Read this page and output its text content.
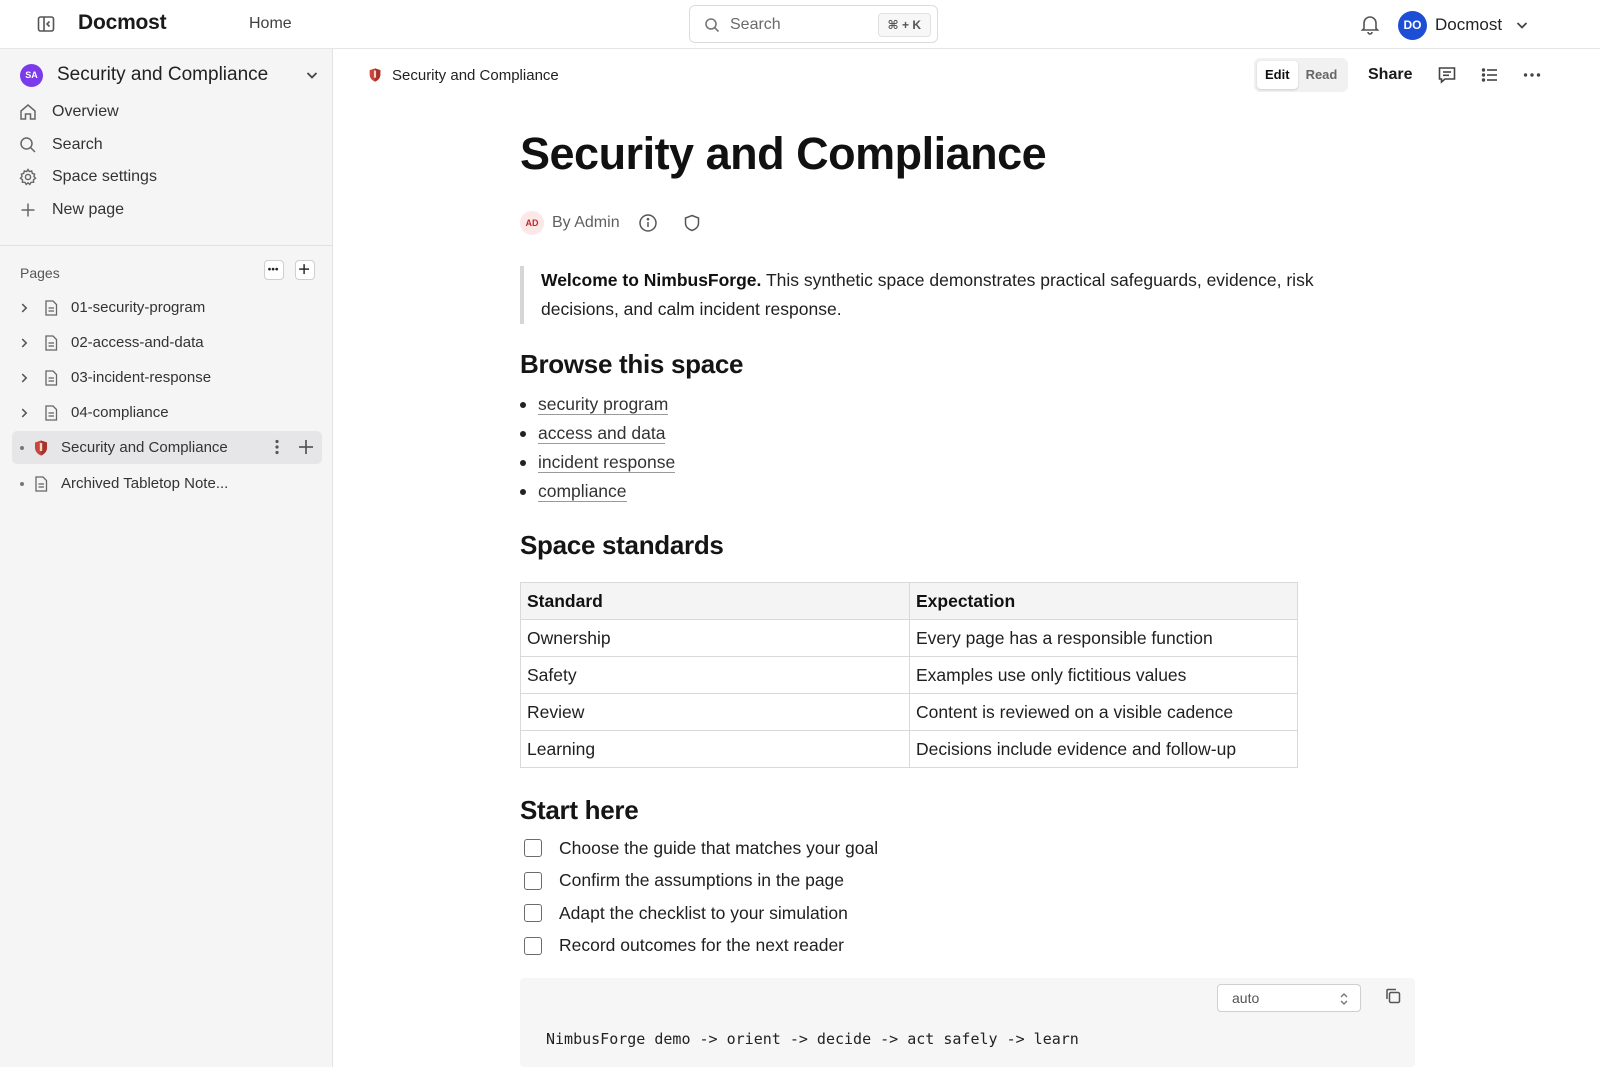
Docmost	Home	Search	⌘ + K	DO Docmost
SA Security and Compliance
Overview
Search
Space settings
New page
Pages
01-security-program
02-access-and-data
03-incident-response
04-compliance
Security and Compliance
Archived Tabletop Note...
Security and Compliance	Edit	Read	Share
Security and Compliance
AD By Admin
Welcome to NimbusForge. This synthetic space demonstrates practical safeguards, evidence, risk decisions, and calm incident response.
Browse this space
security program
access and data
incident response
compliance
Space standards
Standard	Expectation
Ownership	Every page has a responsible function
Safety	Examples use only fictitious values
Review	Content is reviewed on a visible cadence
Learning	Decisions include evidence and follow-up
Start here
Choose the guide that matches your goal
Confirm the assumptions in the page
Adapt the checklist to your simulation
Record outcomes for the next reader
auto
NimbusForge demo -> orient -> decide -> act safely -> learn
